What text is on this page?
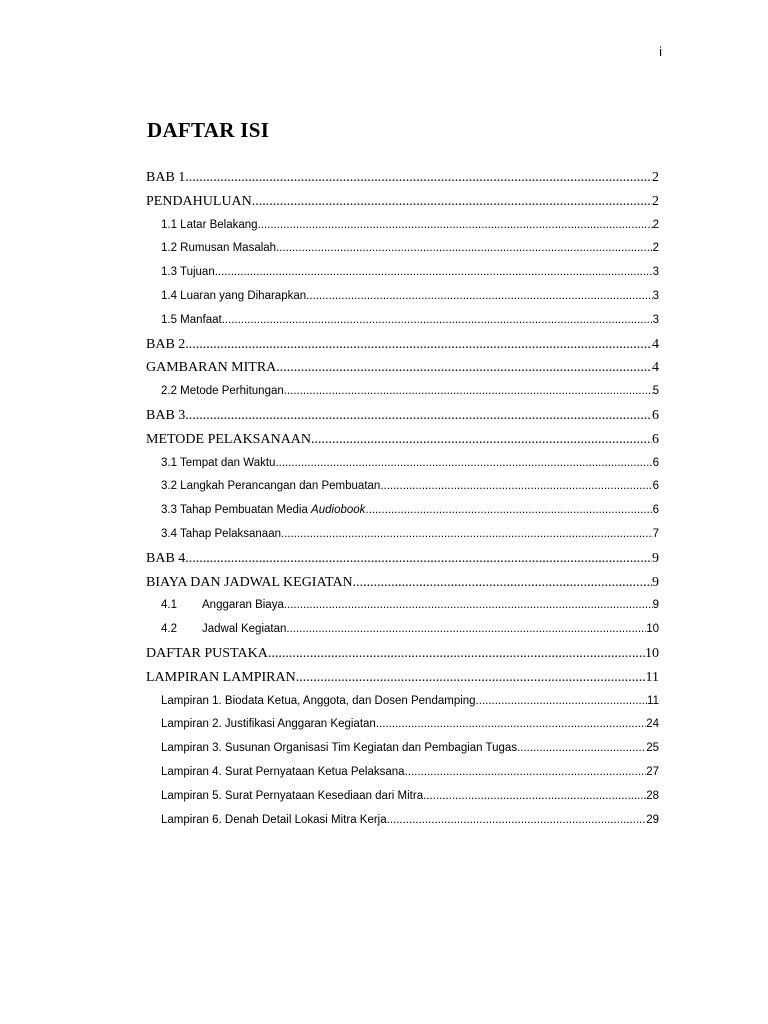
i
DAFTAR ISI
BAB 1 .....	2
PENDAHULUAN .....	2
1.1 Latar Belakang .....	2
1.2 Rumusan Masalah .....	2
1.3 Tujuan .....	3
1.4 Luaran yang Diharapkan .....	3
1.5 Manfaat .....	3
BAB 2 .....	4
GAMBARAN MITRA .....	4
2.2 Metode Perhitungan .....	5
BAB 3 .....	6
METODE PELAKSANAAN .....	6
3.1 Tempat dan Waktu .....	6
3.2 Langkah Perancangan dan Pembuatan .....	6
3.3 Tahap Pembuatan Media Audiobook .....	6
3.4 Tahap Pelaksanaan .....	7
BAB 4 .....	9
BIAYA DAN JADWAL KEGIATAN .....	9
4.1	Anggaran Biaya .....	9
4.2	Jadwal Kegiatan .....	10
DAFTAR PUSTAKA .....	10
LAMPIRAN LAMPIRAN .....	11
Lampiran 1. Biodata Ketua, Anggota, dan Dosen Pendamping .....	11
Lampiran 2. Justifikasi Anggaran Kegiatan .....	24
Lampiran 3. Susunan Organisasi Tim Kegiatan dan Pembagian Tugas .....	25
Lampiran 4. Surat Pernyataan Ketua Pelaksana .....	27
Lampiran 5. Surat Pernyataan Kesediaan dari Mitra .....	28
Lampiran 6. Denah Detail Lokasi Mitra Kerja .....	29
